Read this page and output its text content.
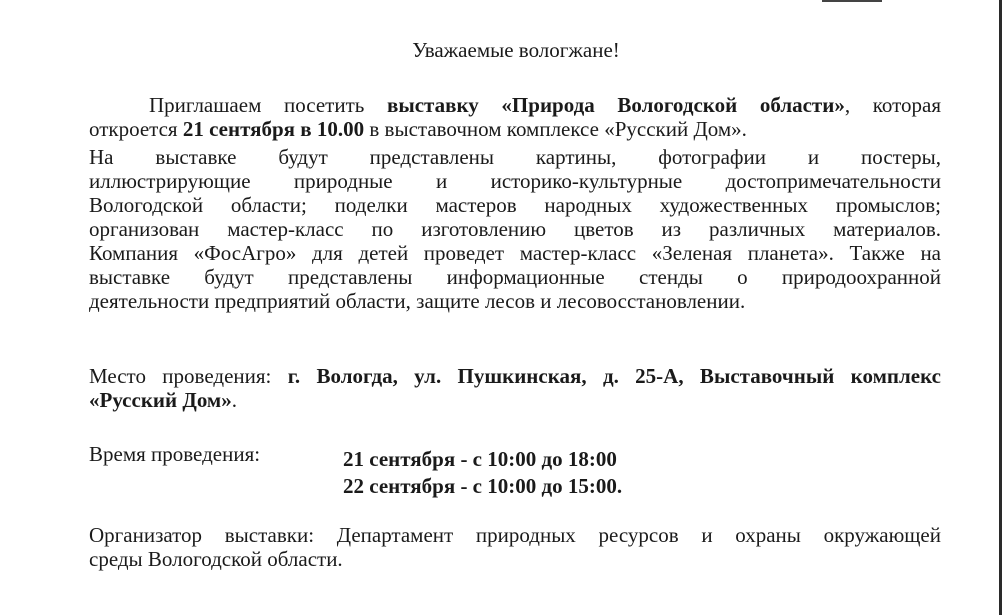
Уважаемые вологжане!
Приглашаем посетить выставку «Природа Вологодской области», которая
откроется 21 сентября в 10.00 в выставочном комплексе «Русский Дом».
На выставке будут представлены картины, фотографии и постеры,
иллюстрирующие природные и историко-культурные достопримечательности
Вологодской области; поделки мастеров народных художественных промыслов;
организован мастер-класс по изготовлению цветов из различных материалов.
Компания «ФосАгро» для детей проведет мастер-класс «Зеленая планета». Также на
выставке будут представлены информационные стенды о природоохранной
деятельности предприятий области, защите лесов и лесовосстановлении.
Место проведения: г. Вологда, ул. Пушкинская, д. 25-А, Выставочный комплекс
«Русский Дом».
Время проведения:	21 сентября - с 10:00 до 18:00
22 сентября - с 10:00 до 15:00.
Организатор выставки: Департамент природных ресурсов и охраны окружающей
среды Вологодской области.
